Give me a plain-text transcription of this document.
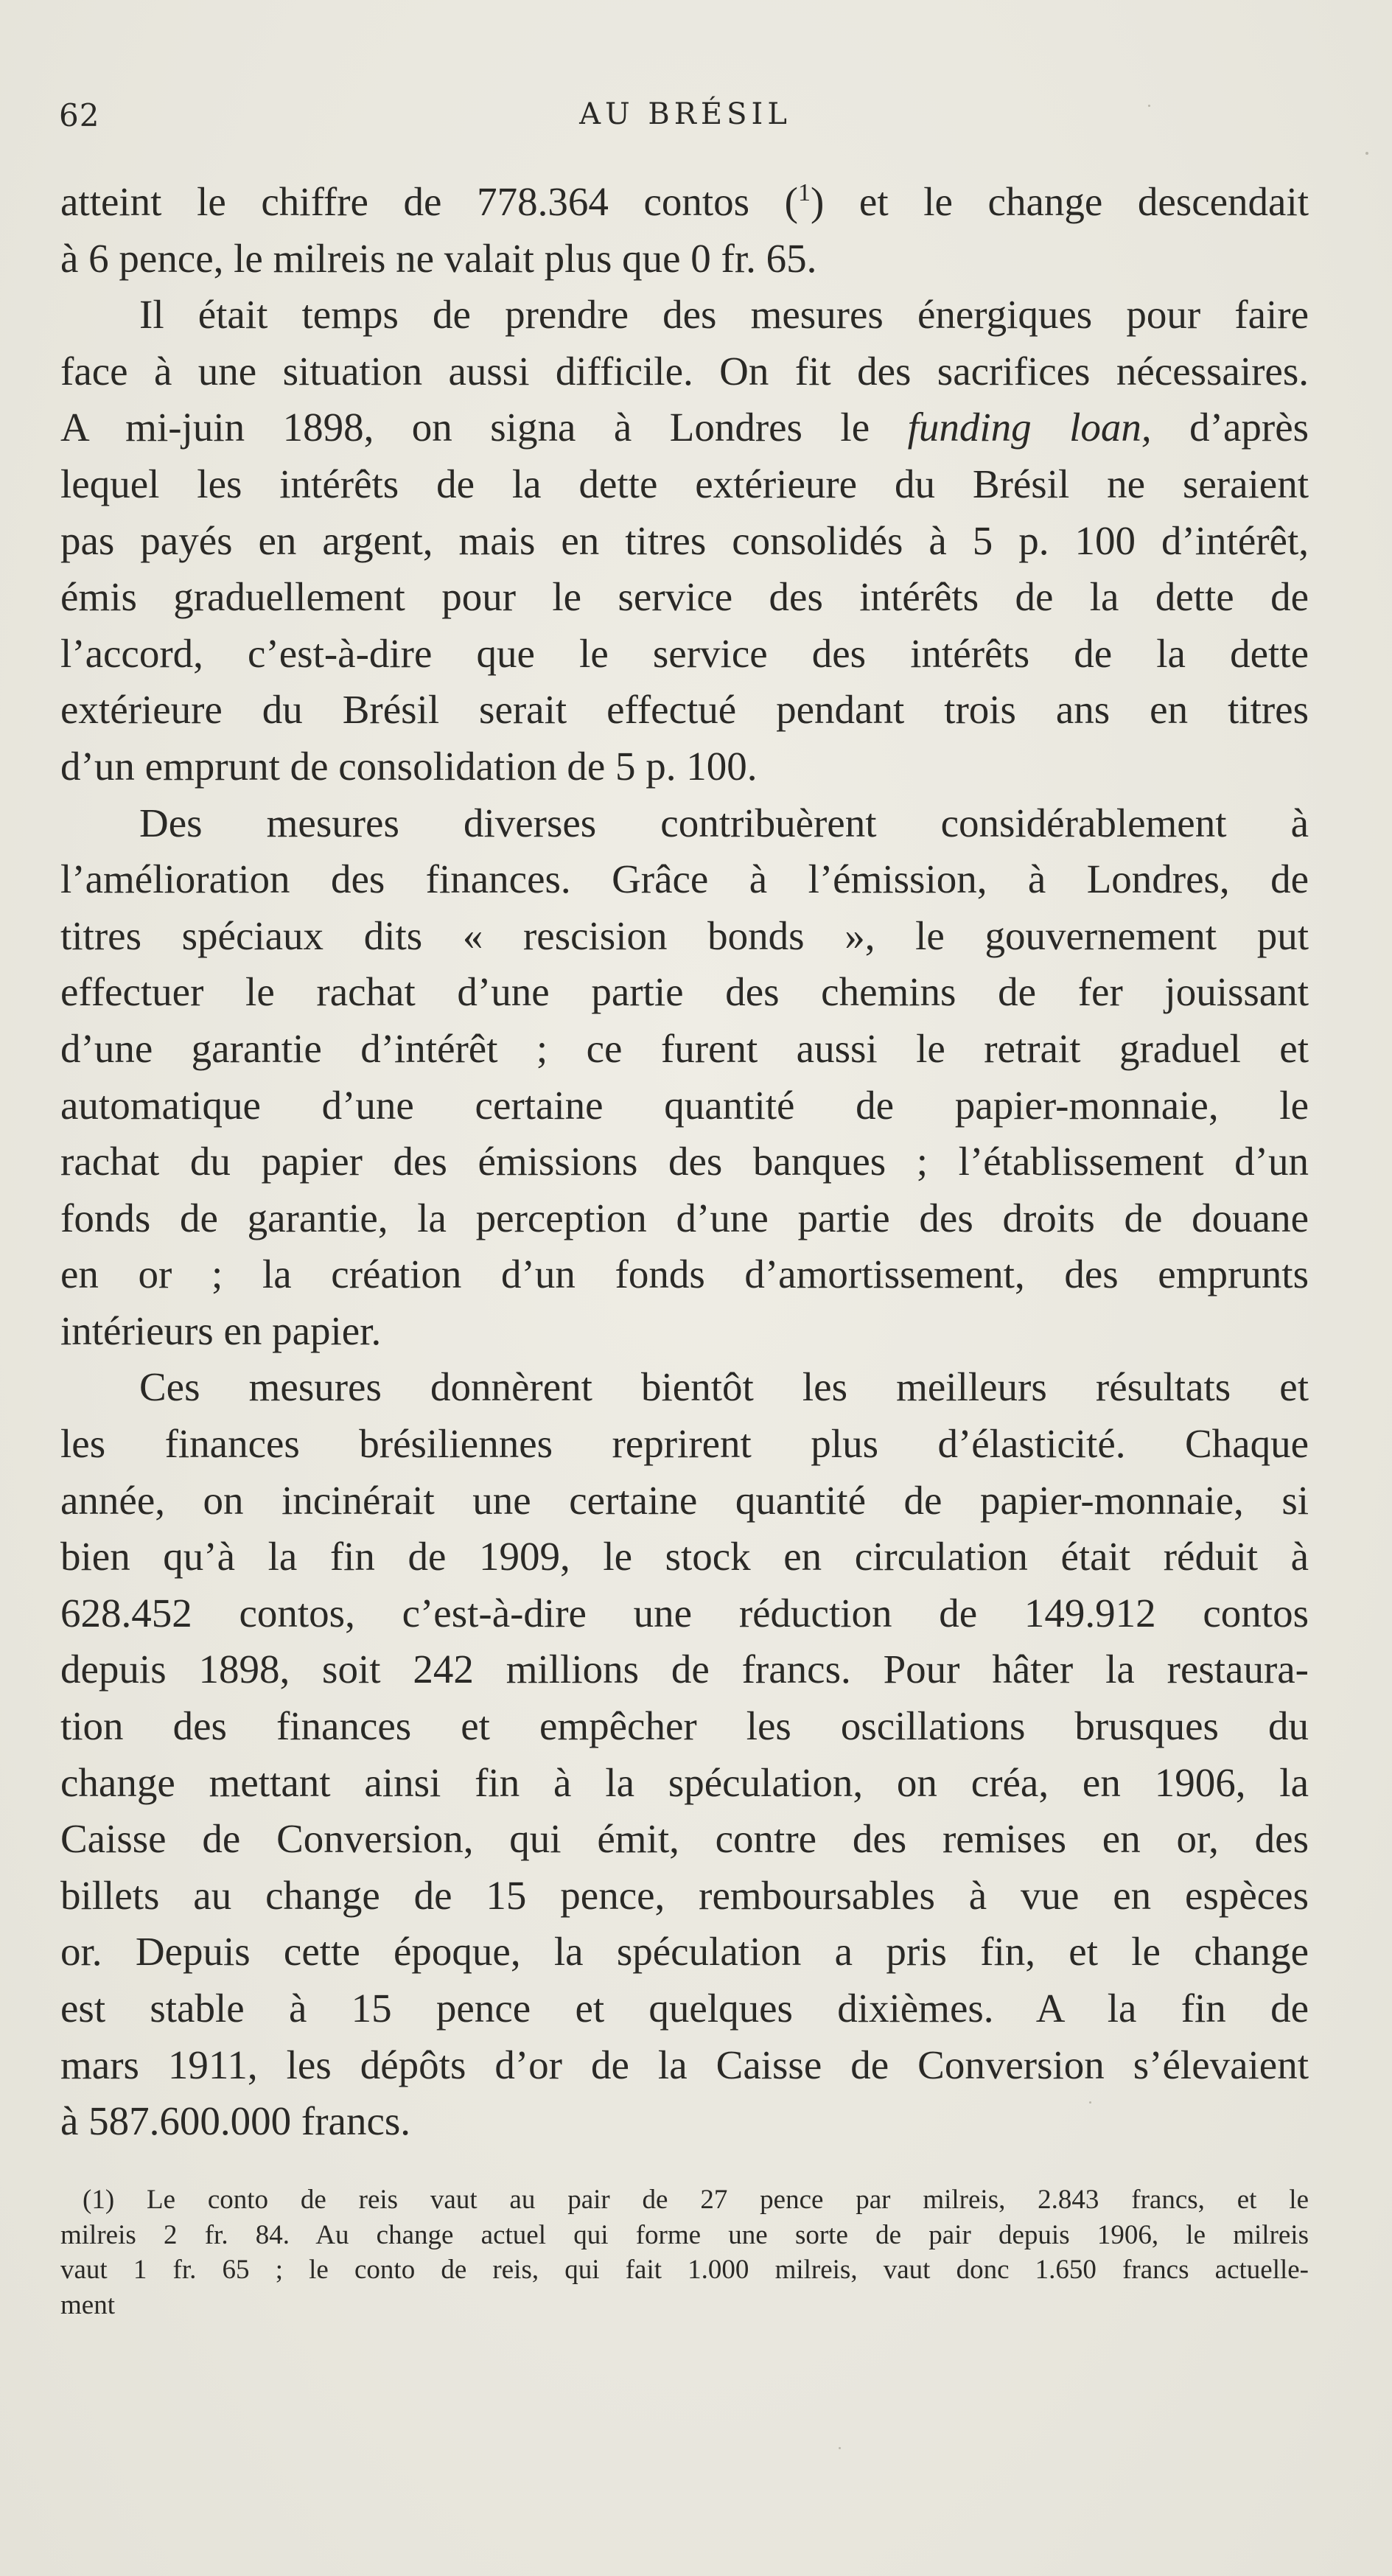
62	AU BRÉSIL
atteint le chiffre de 778.364 contos ($^1$) et le change descendait
à 6 pence, le milreis ne valait plus que 0 fr. 65.
Il était temps de prendre des mesures énergiques pour faire
face à une situation aussi difficile. On fit des sacrifices nécessaires.
A mi-juin 1898, on signa à Londres le funding loan, d’après
lequel les intérêts de la dette extérieure du Brésil ne seraient
pas payés en argent, mais en titres consolidés à 5 p. 100 d’intérêt,
émis graduellement pour le service des intérêts de la dette de
l’accord, c’est-à-dire que le service des intérêts de la dette
extérieure du Brésil serait effectué pendant trois ans en titres
d’un emprunt de consolidation de 5 p. 100.
Des mesures diverses contribuèrent considérablement à
l’amélioration des finances. Grâce à l’émission, à Londres, de
titres spéciaux dits « rescision bonds », le gouvernement put
effectuer le rachat d’une partie des chemins de fer jouissant
d’une garantie d’intérêt ; ce furent aussi le retrait graduel et
automatique d’une certaine quantité de papier-monnaie, le
rachat du papier des émissions des banques ; l’établissement d’un
fonds de garantie, la perception d’une partie des droits de douane
en or ; la création d’un fonds d’amortissement, des emprunts
intérieurs en papier.
Ces mesures donnèrent bientôt les meilleurs résultats et
les finances brésiliennes reprirent plus d’élasticité. Chaque
année, on incinérait une certaine quantité de papier-monnaie, si
bien qu’à la fin de 1909, le stock en circulation était réduit à
628.452 contos, c’est-à-dire une réduction de 149.912 contos
depuis 1898, soit 242 millions de francs. Pour hâter la restaura-
tion des finances et empêcher les oscillations brusques du
change mettant ainsi fin à la spéculation, on créa, en 1906, la
Caisse de Conversion, qui émit, contre des remises en or, des
billets au change de 15 pence, remboursables à vue en espèces
or. Depuis cette époque, la spéculation a pris fin, et le change
est stable à 15 pence et quelques dixièmes. A la fin de
mars 1911, les dépôts d’or de la Caisse de Conversion s’élevaient
à 587.600.000 francs.
(1) Le conto de reis vaut au pair de 27 pence par milreis, 2.843 francs, et le
milreis 2 fr. 84. Au change actuel qui forme une sorte de pair depuis 1906, le milreis
vaut 1 fr. 65 ; le conto de reis, qui fait 1.000 milreis, vaut donc 1.650 francs actuelle-
ment
